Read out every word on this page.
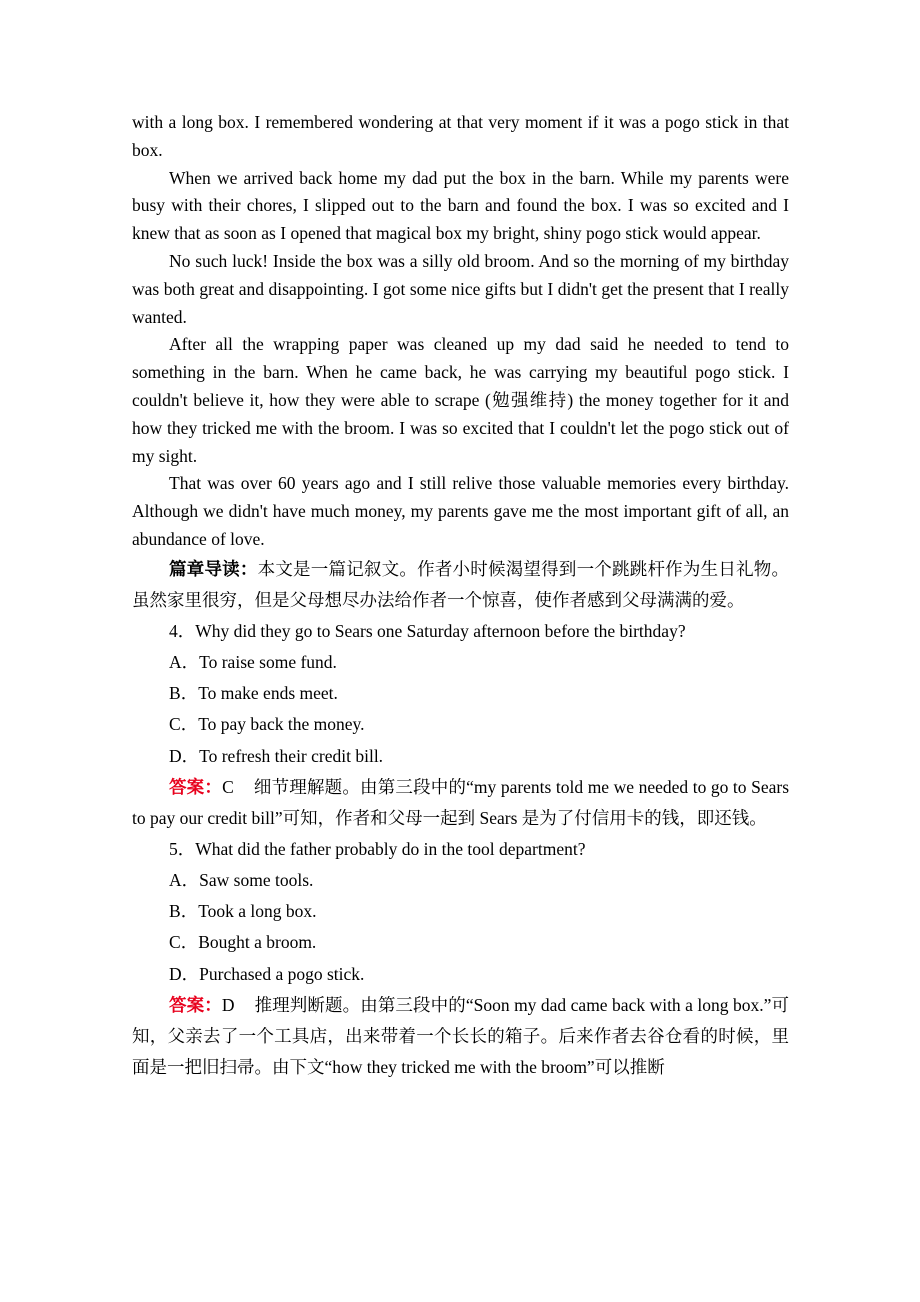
with a long box. I remembered wondering at that very moment if it was a pogo stick in that box.

When we arrived back home my dad put the box in the barn. While my parents were busy with their chores, I slipped out to the barn and found the box. I was so excited and I knew that as soon as I opened that magical box my bright, shiny pogo stick would appear.

No such luck! Inside the box was a silly old broom. And so the morning of my birthday was both great and disappointing. I got some nice gifts but I didn't get the present that I really wanted.

After all the wrapping paper was cleaned up my dad said he needed to tend to something in the barn. When he came back, he was carrying my beautiful pogo stick. I couldn't believe it, how they were able to scrape (勉强维持) the money together for it and how they tricked me with the broom. I was so excited that I couldn't let the pogo stick out of my sight.

That was over 60 years ago and I still relive those valuable memories every birthday. Although we didn't have much money, my parents gave me the most important gift of all, an abundance of love.

篇章导读：本文是一篇记叙文。作者小时候渴望得到一个跳跳杆作为生日礼物。虽然家里很穷，但是父母想尽办法给作者一个惊喜，使作者感到父母满满的爱。

4．Why did they go to Sears one Saturday afternoon before the birthday?

A．To raise some fund.

B．To make ends meet.

C．To pay back the money.

D．To refresh their credit bill.

答案：C 细节理解题。由第三段中的“my parents told me we needed to go to Sears to pay our credit bill”可知，作者和父母一起到 Sears 是为了付信用卡的钱，即还钱。

5．What did the father probably do in the tool department?

A．Saw some tools.

B．Took a long box.

C．Bought a broom.

D．Purchased a pogo stick.

答案：D 推理判断题。由第三段中的“Soon my dad came back with a long box.”可知，父亲去了一个工具店，出来带着一个长长的箱子。后来作者去谷仓看的时候，里面是一把旧扫帚。由下文“how they tricked me with the broom”可以推断
